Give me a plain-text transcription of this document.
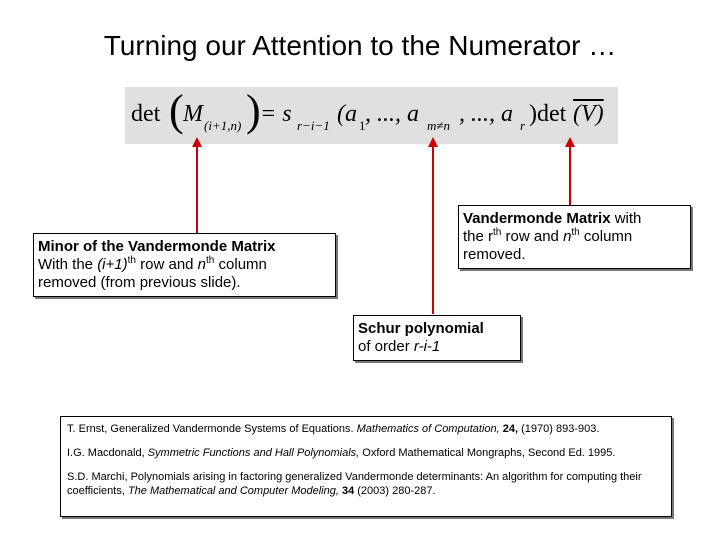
Turning our Attention to the Numerator …
det ( M (i+1,n) ) = s r−i−1 (a 1 , ..., a m≠n , ..., a r )det (V)
Minor of the Vandermonde Matrix
With the $(i+1)^{th}$ row and $n^{th}$ column
removed (from previous slide).
Vandermonde Matrix with
the $r^{th}$ row and $n^{th}$ column
removed.
Schur polynomial
of order r-i-1

T. Ernst, Generalized Vandermonde Systems of Equations. Mathematics of Computation, 24, (1970) 893-903.

I.G. Macdonald, Symmetric Functions and Hall Polynomials, Oxford Mathematical Mongraphs, Second Ed. 1995.

S.D. Marchi, Polynomials arising in factoring generalized Vandermonde determinants: An algorithm for computing their coefficients, The Mathematical and Computer Modeling, 34 (2003) 280-287.
